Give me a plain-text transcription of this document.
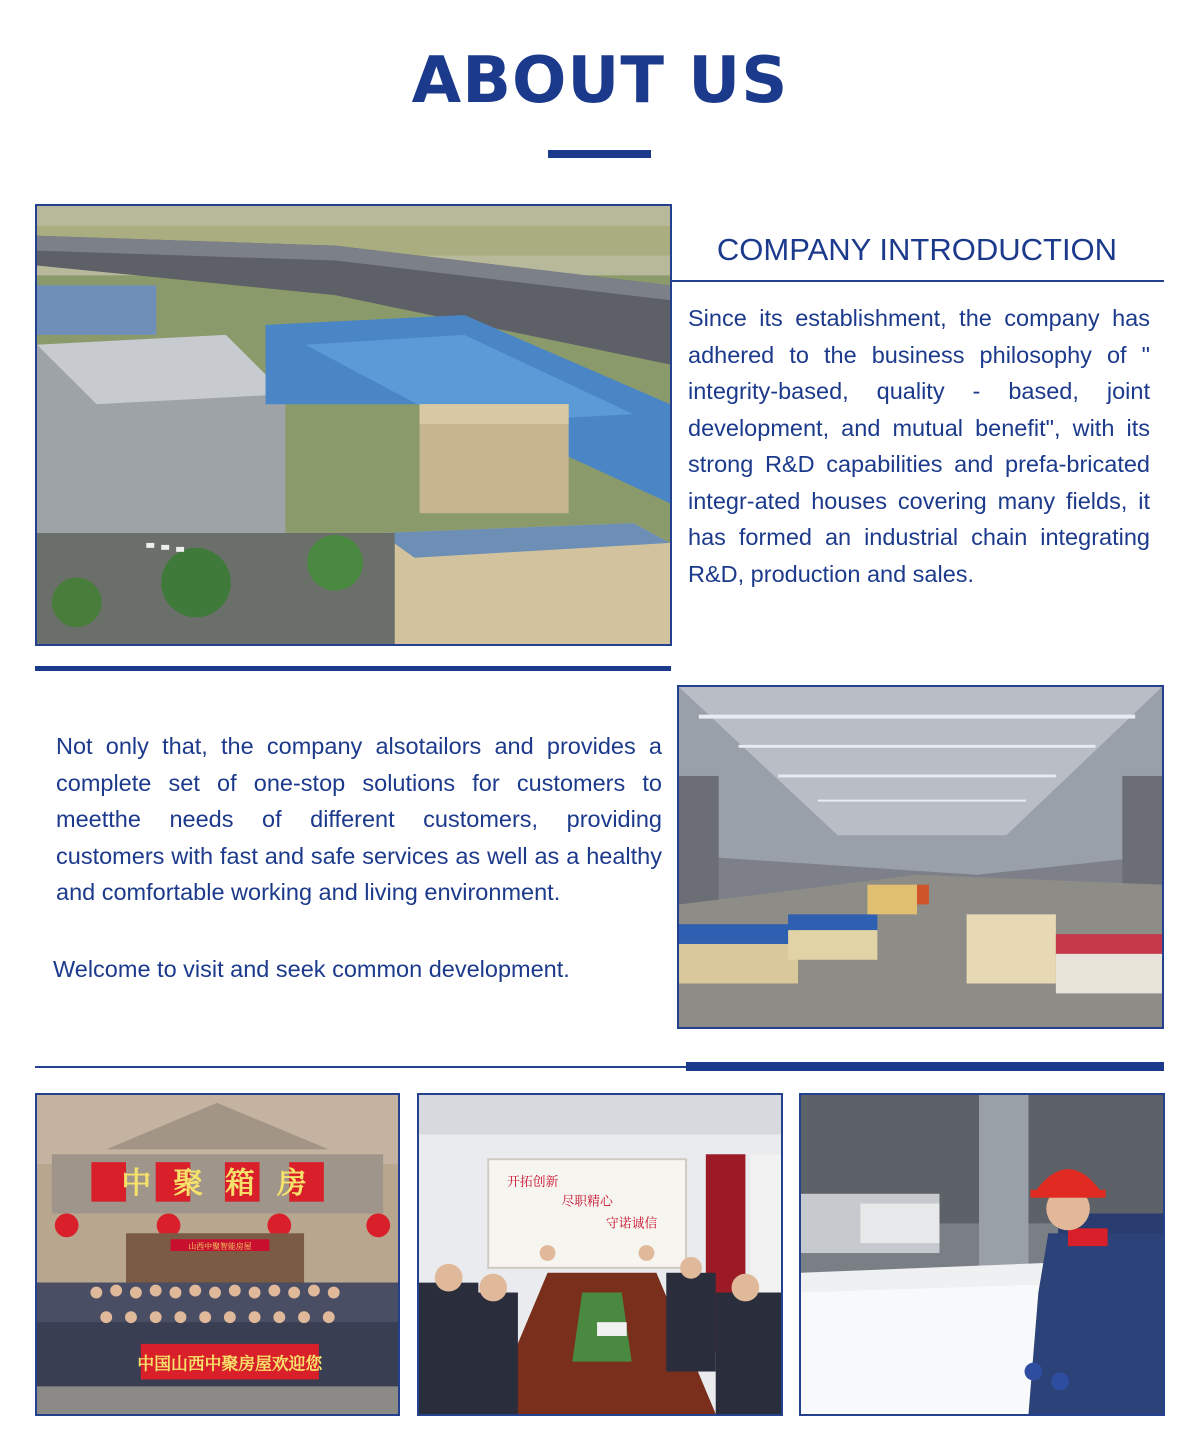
ABOUT US
COMPANY INTRODUCTION
Since its establishment, the company has adhered to the business philosophy of " integrity-based, quality - based, joint development, and mutual benefit", with its strong R&D capabilities and prefa-bricated integr-ated houses covering many fields, it has formed an industrial chain integrating R&D, production and sales.
Not only that, the company alsotailors and provides a complete set of one-stop solutions for customers to meetthe needs of different customers, providing customers with fast and safe services as well as a healthy and comfortable working and living environment.
Welcome to visit and seek common development.
中 聚 箱 房
山西中聚智能房屋
中国山西中聚房屋欢迎您
开拓创新
尽职精心
守诺诚信
